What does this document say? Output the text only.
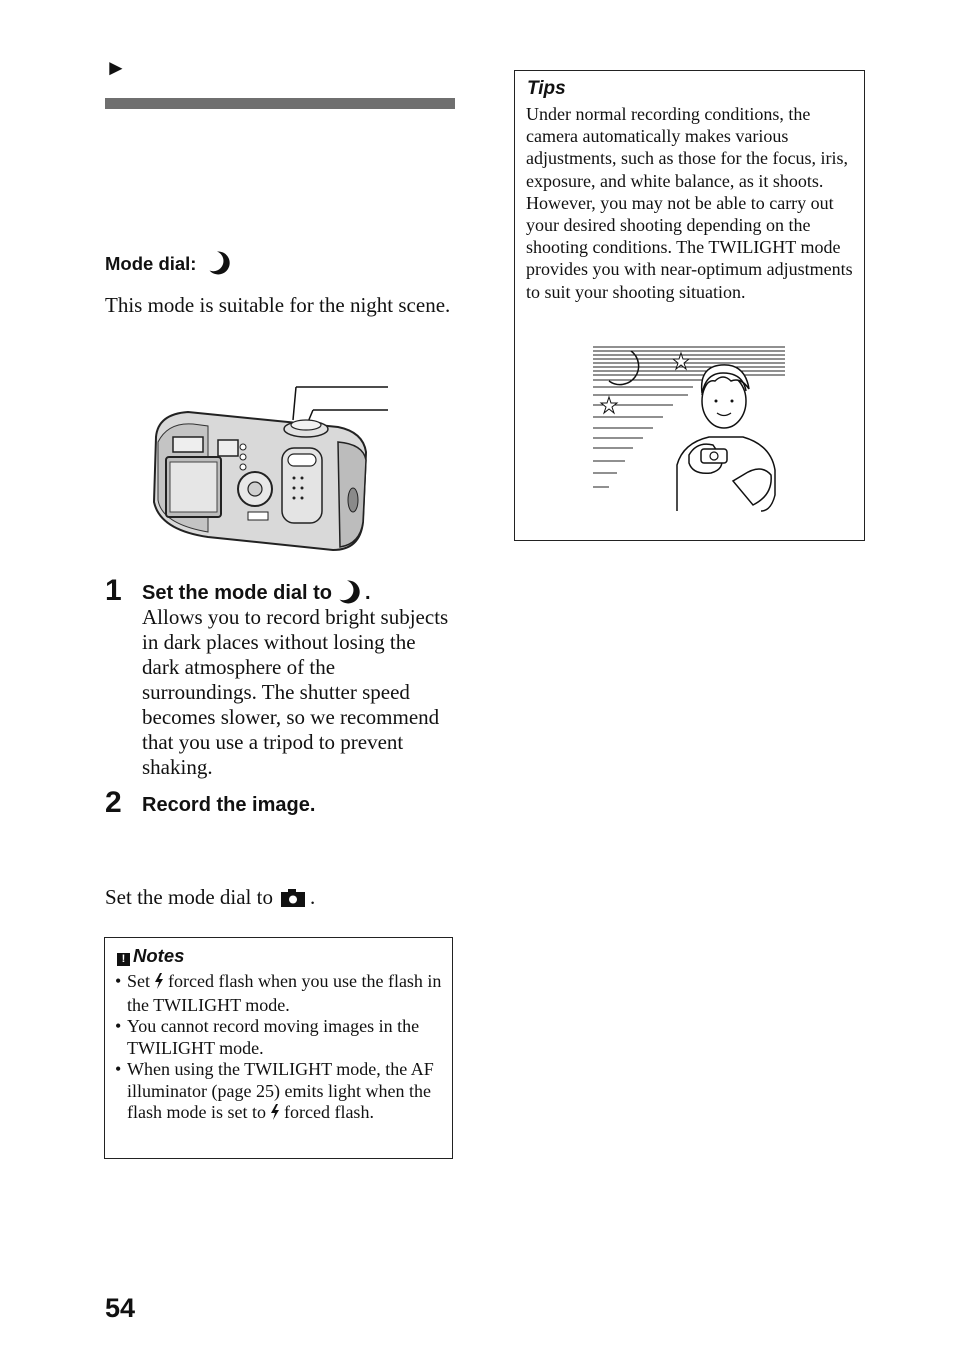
►
Mode dial:
This mode is suitable for the night scene.
1 Set the mode dial to .
Allows you to record bright subjects in dark places without losing the dark atmosphere of the surroundings. The shutter speed becomes slower, so we recommend that you use a tripod to prevent shaking.
2 Record the image.
Set the mode dial to .
! Notes
• Set forced flash when you use the flash in the TWILIGHT mode.
• You cannot record moving images in the TWILIGHT mode.
• When using the TWILIGHT mode, the AF illuminator (page 25) emits light when the flash mode is set to forced flash.
Tips
Under normal recording conditions, the camera automatically makes various adjustments, such as those for the focus, iris, exposure, and white balance, as it shoots. However, you may not be able to carry out your desired shooting depending on the shooting conditions. The TWILIGHT mode provides you with near-optimum adjustments to suit your shooting situation.
54
